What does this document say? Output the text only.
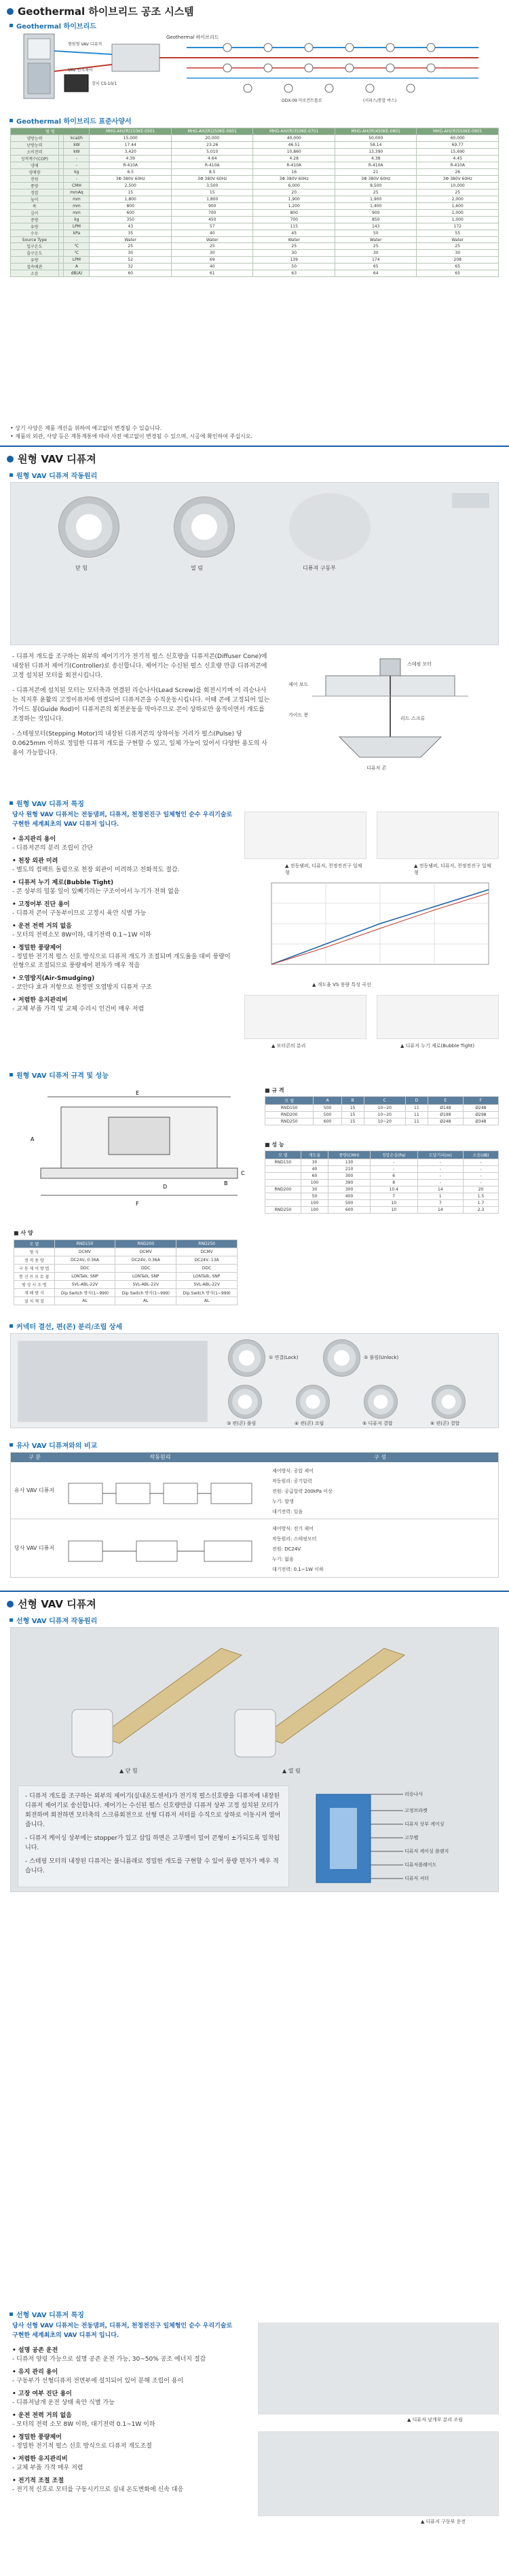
Geothermal 하이브리드 공조 시스템
Geothermal 하이브리드
Geothermal 하이브리드
형원형 VAV 디퓨저
VAV 원격제어
장치 CS-10/1
DDX-09 마로컨트롤로	(서피스/통합 박스)
Geothermal 하이브리드 표준사양서
형 명			MHG-AH/(R)150KE-0501	MHG-AH/(R)250KE-0601	MHG-AH/(R)350KE-0701	MHG-AH/(R)450KE-0801	MHG-AH/(R)550KE-0901
냉방능력		kcal/h	15,000	20,000	40,000	50,000	60,000
난방능력		kW	17.44	23.26	46.51	58.14	69.77
소비전력		kW	3,420	5,010	10,860	13,390	15,690
성적계수(COP)		-	4.39	4.64	4.28	4.38	4.45
냉매		-	R-410A	R-410A	R-410A	R-410A	R-410A
냉매량		kg	6.5	8.5	16	21	26
전원		-	3Φ 380V 60Hz	3Φ 380V 60Hz	3Φ 380V 60Hz	3Φ 380V 60Hz	3Φ 380V 60Hz
풍량		CMH	2,500	3,500	6,000	8,500	10,000
정압		mmAq	15	15	20	25	25
높이		mm	1,800	1,800	1,900	1,900	2,000
폭		mm	800	900	1,200	1,400	1,600
깊이		mm	600	700	800	900	1,000
중량		kg	350	450	700	850	1,000
유량		LPM	43	57	115	143	172
수두		kPa	35	40	45	50	55
Source Type		-	Water	Water	Water	Water	Water
입구온도		℃	25	25	25	25	25
출구온도		℃	30	30	30	30	30
유량		LPM	52	69	139	174	208
접속배관		A	32	40	50	65	65
소음		dB(A)	60	61	63	64	65
• 상기 사양은 제품 개선을 위하여 예고없이 변경될 수 있습니다.
• 제품의 외관, 사양 등은 계통계통에 따라 사전 예고없이 변경될 수 있으며, 시공에 확인하여 주십시오.
원형 VAV 디퓨져
원형 VAV 디퓨져 작동원리
닫 힘	열 림	디퓨져 구동부

- 디퓨저 개도를 조구하는 외부의 제어기기가 전기적 펄스 신호량을 디퓨저콘(Diffuser Cone)에 내장된 디퓨저 제어기(Controller)로 송신합니다. 제어기는 수신된 펄스 신호량 만큼 디퓨저콘에 고정 설치된 모터를 회전시킵니다.

- 디퓨저콘에 설치된 모터는 모터축과 연결된 리승나사(Lead Screw)를 회전시키며 이 리승나사는 직지후 윤활의 고정이퓨저에 연결되어 디퓨저콘을 수직운동시킵니다. 이때 콘에 고정되어 있는 가이드 봉(Guide Rod)이 디퓨저콘의 회전운동을 막아주므로 콘이 상하로만 움직이면서 개도를 조정하는 것입니다.

- 스테핑모터(Stepping Motor)의 내장된 디퓨저콘의 상하이동 거리가 펄스(Pulse) 당 0.0625mm 이하로 정밀한 디퓨저 개도를 구현할 수 있고, 일체 가능이 있어서 다양한 용도의 사용이 가능합니다.

스테핑 모터
가이드 봉
리드 스크류
디퓨저 콘
제어 보드
원형 VAV 디퓨저 특징
당사 원형 VAV 디퓨저는 전동댐퍼, 디퓨저, 천정전진구 일체형인 순수 우리기술로구현한 세계최초의 VAV 디퓨저 입니다.
• 유지관리 용이
- 디퓨저콘의 분리 조립이 간단
• 천장 외관 미려
- 별도의 컴팩트 돌림으로 천장 외관이 미려하고 친화적도 절감.
• 디퓨저 누기 제로(Bubble Tight)
- 콘 상부의 밀봉 일이 있빼기리는 구조이어서 누기가 전혀 없음
• 고정어부 진단 용이
- 디퓨저 콘이 구동부이므로 고정시 육안 식별 가능
• 운전 전력 거의 없음
- 모터의 전력소모 8W이하, 대기전력 0.1~1W 이하
• 정밀한 풍량제어
- 정밀한 전기적 펄스 신호 방식으로 디퓨저 개도가 조절되며 개도율을 대비 풍량이 선형으로 조절되므로 풍량제어 편차가 매우 적음
• 오염방지(Air-Smudging)
- 코안다 효과 저항으로 천정면 오염방지 디퓨저 구조
• 저렴한 유지관리비
- 교체 부품 가격 및 교체 수리시 인건비 매우 저렴
▲ 전동댐퍼, 디퓨저, 천정전진구 일체형
▲ 전동댐퍼, 디퓨저, 천정전진구 일체형
▲ 개도율 VS 풍량 특성 곡선
▲ 모터콘의 분리	▲ 디퓨저 누기 제로(Bubble Tight)
원형 VAV 디퓨저 규격 및 성능
E
F
A
B
C
D
■ 규 격
모 델	A	B	C	D	E	F
RND150	500	15	10~20	11	Ø148	Ø248
RND200	500	15	10~20	11	Ø198	Ø298
RND250	600	15	10~20	11	Ø248	Ø348
■ 성 능
모 델	개도율	풍량(CMH)	정압손실(Pa)	도달거리(m)	소음(dB)
RND150	30	130	-	-	-
	40	210	-	-	-
	60	300	6	-	-
	100	390	8	-	-
RND200	30	300	10.4	14	20
	50	400	7	1	1.5
	100	500	10	7	1.7
RND250	100	600	10	14	2.3
■ 사 양
모 델	RND150	RND200	RND250
형 식	DCMV	DCMV	DCMV
정 격 용 량	DC24V, 0.36A	DC24V, 0.36A	DC24V, 13A
구 동 제 어 방 법	DDC	DDC	DDC
통 신 프 로 토 콜	LONTalk, SNP	LONTalk, SNP	LONTalk, SNP
평 상 시 조 명	SVL-ABL-22V	SVL-ABL-22V	SVL-ABL-22V
개 폐 방 식	Dip Switch 방식(1~999)	Dip Switch 방식(1~999)	Dip Switch 방식(1~999)
설 치 재 질	AL	AL	AL
커넥터 결선, 편(콘) 분리/조립 상세
① 연결(Lock)	② 풀림(Unlock)
③ 편(콘) 풀림	④ 편(콘) 조립	⑤ 디퓨저 결합	⑥ 편(콘) 결합
유사 VAV 디퓨져와의 비교
구 분	작동원리	구 성
유사 VAV 디퓨저
당사 VAV 디퓨저
제어방식: 공압 제어
작동원리: 공기압력
전원: 공급압력 200kPa 이상
누기: 발생
대기전력: 있음
제어방식: 전기 제어
작동원리: 스테핑모터
전원: DC24V
누기: 없음
대기전력: 0.1~1W 이하
선형 VAV 디퓨져
선형 VAV 디퓨져 작동원리
▲ 닫 힘	▲ 열 림

- 디퓨저 개도를 조구하는 외부의 제어기(실내온도센서)가 전기적 펄스신호량을 디퓨저에 내장된 디퓨저 제어기로 송신합니다. 제어기는 수신된 펄스 신호량만큼 디퓨저 상부 고정 설치된 모터가 회전하며 회전하면 모터축의 스크류회전으로 선형 디퓨저 셔터를 수직으로 상하로 이동시켜 열어줍니다.

- 디퓨저 케이싱 상부에는 stopper가 있고 삽입 하면은 고무벨이 밀어 콘형이 ±가되도록 밀착됩니다.

- 스테핑 모터의 내장된 디퓨저는 불니름래로 정밀한 개도를 구현할 수 있어 풍량 편차가 매우 적습니다.

리승나사
고정브라켓
디퓨저 상부 케이싱
고무벨
디퓨저 케이싱 플랜지
디퓨저블레이드
디퓨저 셔터
선형 VAV 디퓨저 특징
당사 선형 VAV 디퓨저는 전동댐퍼, 디퓨저, 천정전진구 일체형인 순수 우리기술로구현한 세계최초의 VAV 디퓨저 입니다.
• 설명 공존 운전
- 디퓨저 양링 가능으로 설명 공존 운전 가능, 30~50% 공조 에너지 절감
• 유지 관리 용이
- 구동부가 선형디퓨저 전면부에 설치되어 있어 분해 조립이 용이
• 고장 여부 진단 용이
- 디퓨저날개 운전 상태 육안 식별 가능
• 운전 전력 거의 없음
- 모터의 전력 소모 8W 이하, 대기전력 0.1~1W 이하
• 정밀한 풍량제어
- 정밀한 전기적 펄스 신호 방식으로 디퓨저 개도조절
• 저렴한 유지관리비
- 교체 부품 가격 매우 저렴
• 전기적 조절 조절
- 전기적 신호로 모터를 구동시키므로 실내 온도변화에 신속 대응
▲ 디퓨저 날개부 분리 조립
▲ 디퓨저 구동부 운전
